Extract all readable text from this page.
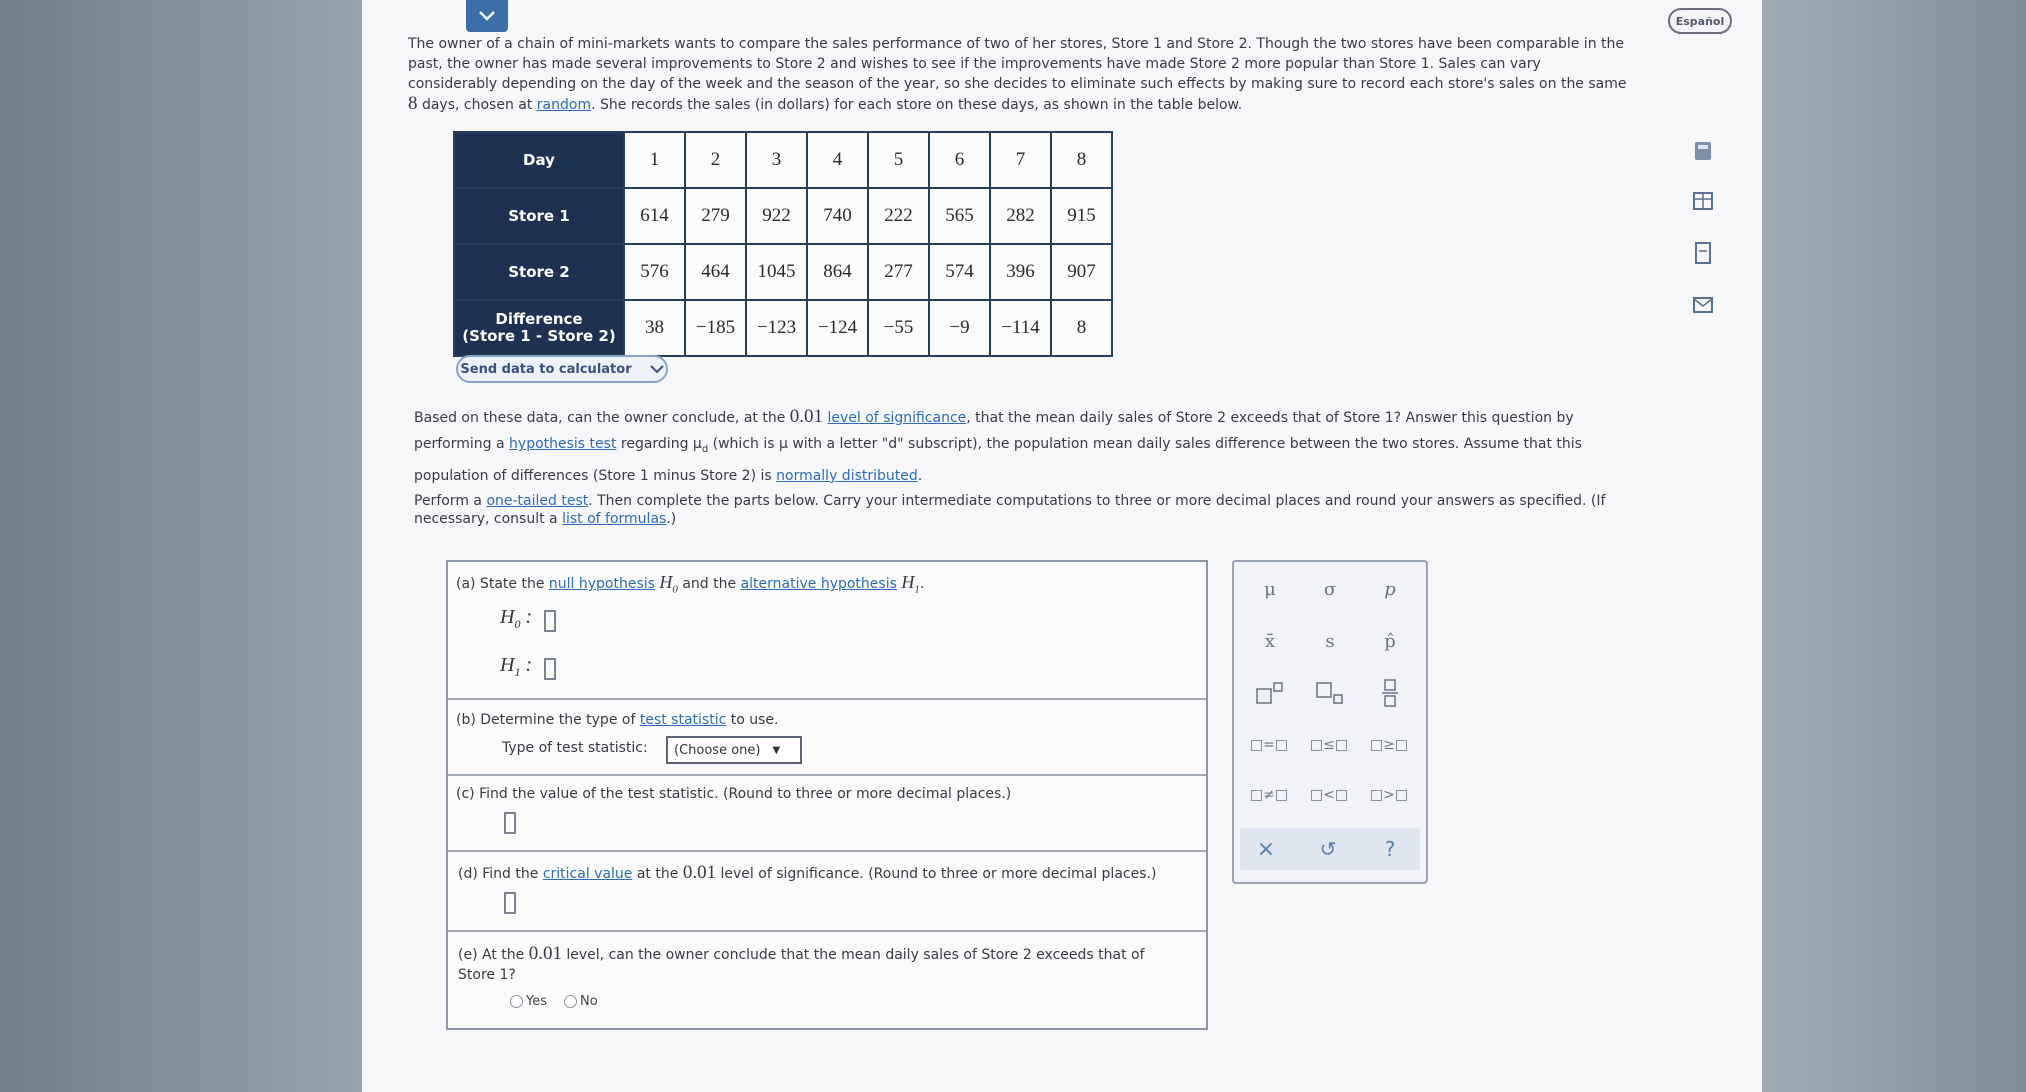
Español

The owner of a chain of mini-markets wants to compare the sales performance of two of her stores, Store 1 and Store 2. Though the two stores have been comparable in the past, the owner has made several improvements to Store 2 and wishes to see if the improvements have made Store 2 more popular than Store 1. Sales can vary considerably depending on the day of the week and the season of the year, so she decides to eliminate such effects by making sure to record each store's sales on the same 8 days, chosen at random. She records the sales (in dollars) for each store on these days, as shown in the table below.

Day	1	2	3	4	5	6	7	8
Store 1	614	279	922	740	222	565	282	915
Store 2	576	464	1045	864	277	574	396	907
Difference
(Store 1 - Store 2)	38	−185	−123	−124	−55	−9	−114	8
Send data to calculator

Based on these data, can the owner conclude, at the 0.01 level of significance, that the mean daily sales of Store 2 exceeds that of Store 1? Answer this question by performing a hypothesis test regarding $\mu_d$ (which is μ with a letter "d" subscript), the population mean daily sales difference between the two stores. Assume that this population of differences (Store 1 minus Store 2) is normally distributed.

Perform a one-tailed test. Then complete the parts below. Carry your intermediate computations to three or more decimal places and round your answers as specified. (If necessary, consult a list of formulas.)

(a) State the null hypothesis $H_0$ and the alternative hypothesis $H_1$.
$H_0$ :
$H_1$ :
(b) Determine the type of test statistic to use.
Type of test statistic: (Choose one) ▼
(c) Find the value of the test statistic. (Round to three or more decimal places.)
(d) Find the critical value at the 0.01 level of significance. (Round to three or more decimal places.)
(e) At the 0.01 level, can the owner conclude that the mean daily sales of Store 2 exceeds that of Store 1?
Yes	No
μ	σ	p
x̄	s	p̂
□=□	□≤□	□≥□
□≠□	□<□	□>□
×	↺	?
